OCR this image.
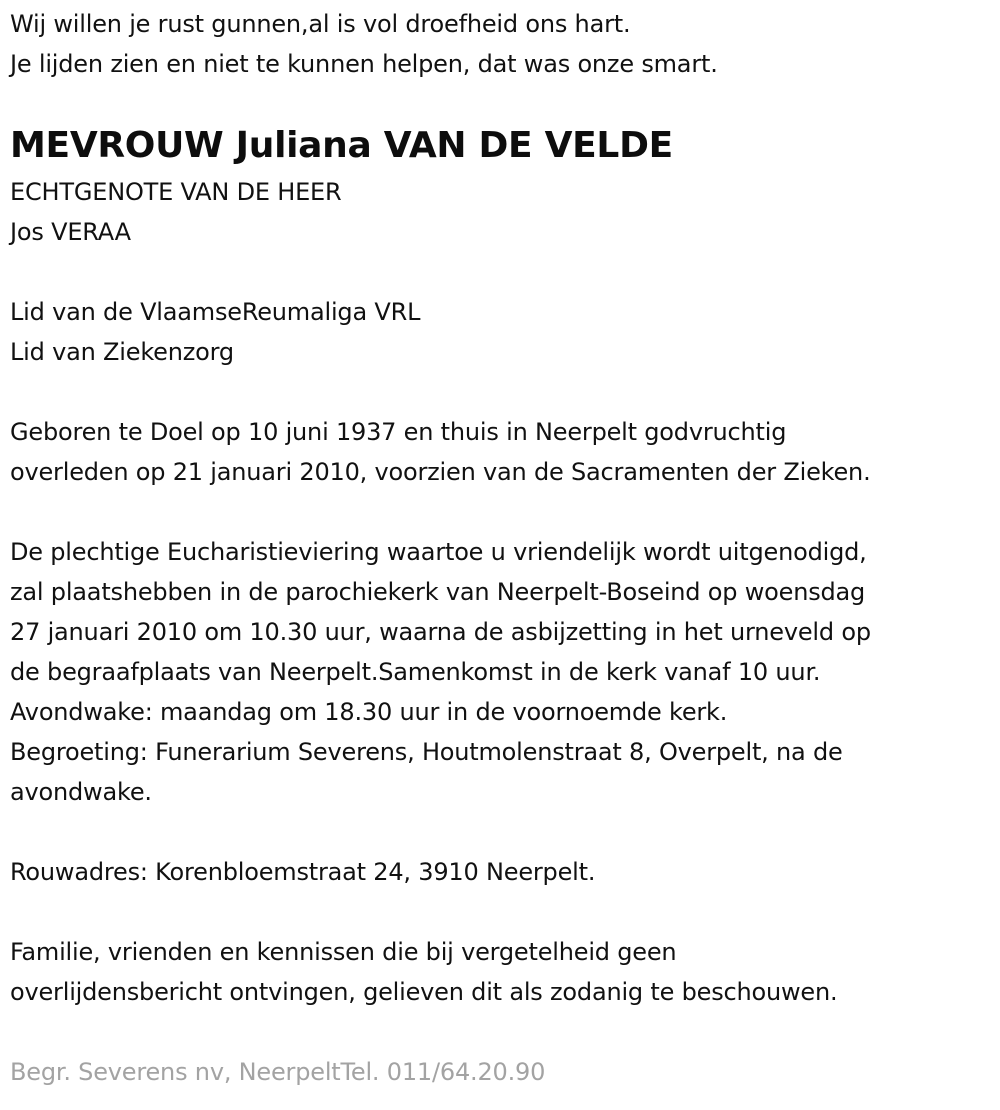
Wij willen je rust gunnen,al is vol droefheid ons hart.

Je lijden zien en niet te kunnen helpen, dat was onze smart.

MEVROUW Juliana VAN DE VELDE

ECHTGENOTE VAN DE HEER

Jos VERAA

Lid van de VlaamseReumaliga VRL

Lid van Ziekenzorg

Geboren te Doel op 10 juni 1937 en thuis in Neerpelt godvruchtig

overleden op 21 januari 2010, voorzien van de Sacramenten der Zieken.

De plechtige Eucharistieviering waartoe u vriendelijk wordt uitgenodigd,

zal plaatshebben in de parochiekerk van Neerpelt-Boseind op woensdag

27 januari 2010 om 10.30 uur, waarna de asbijzetting in het urneveld op

de begraafplaats van Neerpelt.Samenkomst in de kerk vanaf 10 uur.

Avondwake: maandag om 18.30 uur in de voornoemde kerk.

Begroeting: Funerarium Severens, Houtmolenstraat 8, Overpelt, na de

avondwake.

Rouwadres: Korenbloemstraat 24, 3910 Neerpelt.

Familie, vrienden en kennissen die bij vergetelheid geen

overlijdensbericht ontvingen, gelieven dit als zodanig te beschouwen.

Begr. Severens nv, NeerpeltTel. 011/64.20.90
